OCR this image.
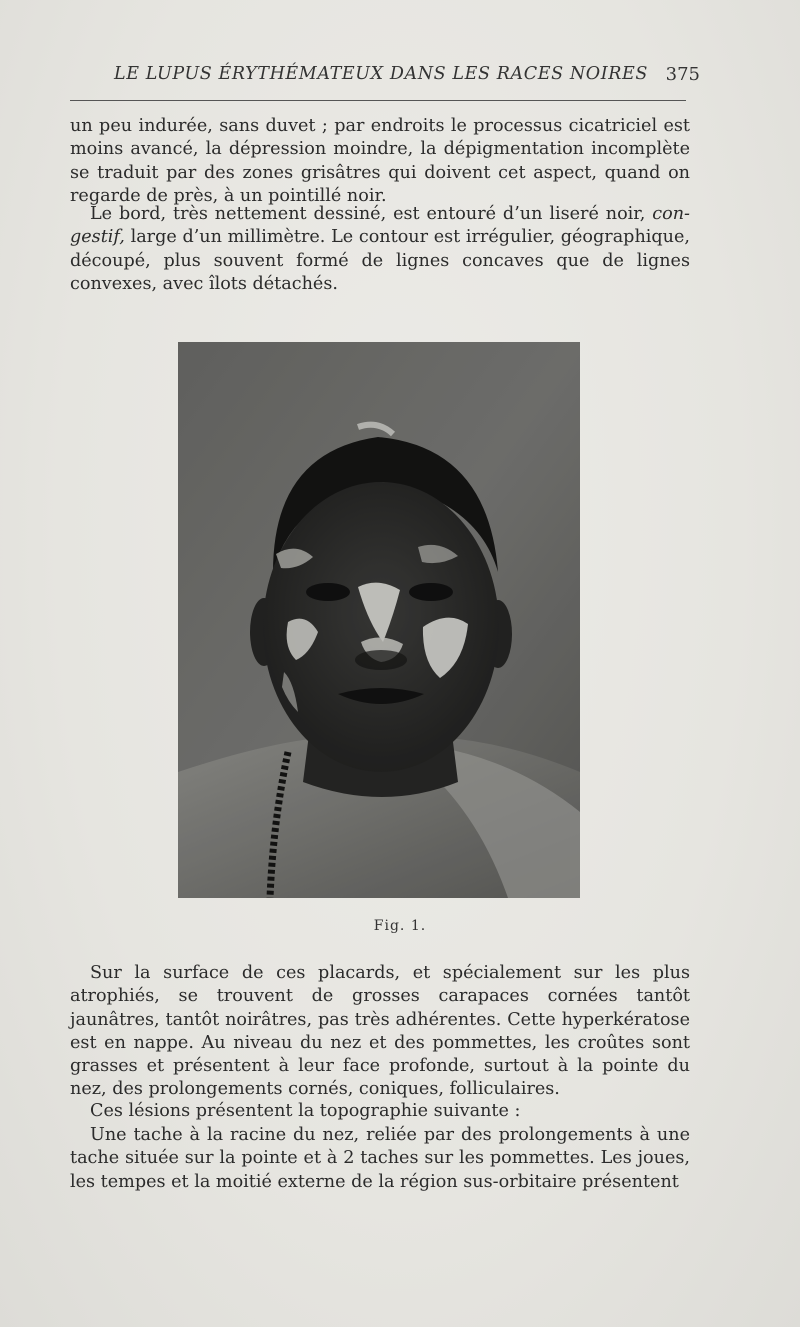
LE LUPUS ÉRYTHÉMATEUX DANS LES RACES NOIRES 375

un peu indurée, sans duvet ; par endroits le processus cicatriciel est moins avancé, la dépression moindre, la dépigmentation incomplète se traduit par des zones grisâtres qui doivent cet aspect, quand on regarde de près, à un pointillé noir.

Le bord, très nettement dessiné, est entouré d’un liseré noir, con-gestif, large d’un millimètre. Le contour est irrégulier, géographique, découpé, plus souvent formé de lignes concaves que de lignes convexes, avec îlots détachés.

Fig. 1.

Sur la surface de ces placards, et spécialement sur les plus atrophiés, se trouvent de grosses carapaces cornées tantôt jaunâtres, tantôt noirâtres, pas très adhérentes. Cette hyperkératose est en nappe. Au niveau du nez et des pommettes, les croûtes sont grasses et présentent à leur face profonde, surtout à la pointe du nez, des prolongements cornés, coniques, folliculaires.

Ces lésions présentent la topographie suivante :

Une tache à la racine du nez, reliée par des prolongements à une tache située sur la pointe et à 2 taches sur les pommettes. Les joues, les tempes et la moitié externe de la région sus-orbitaire présentent
